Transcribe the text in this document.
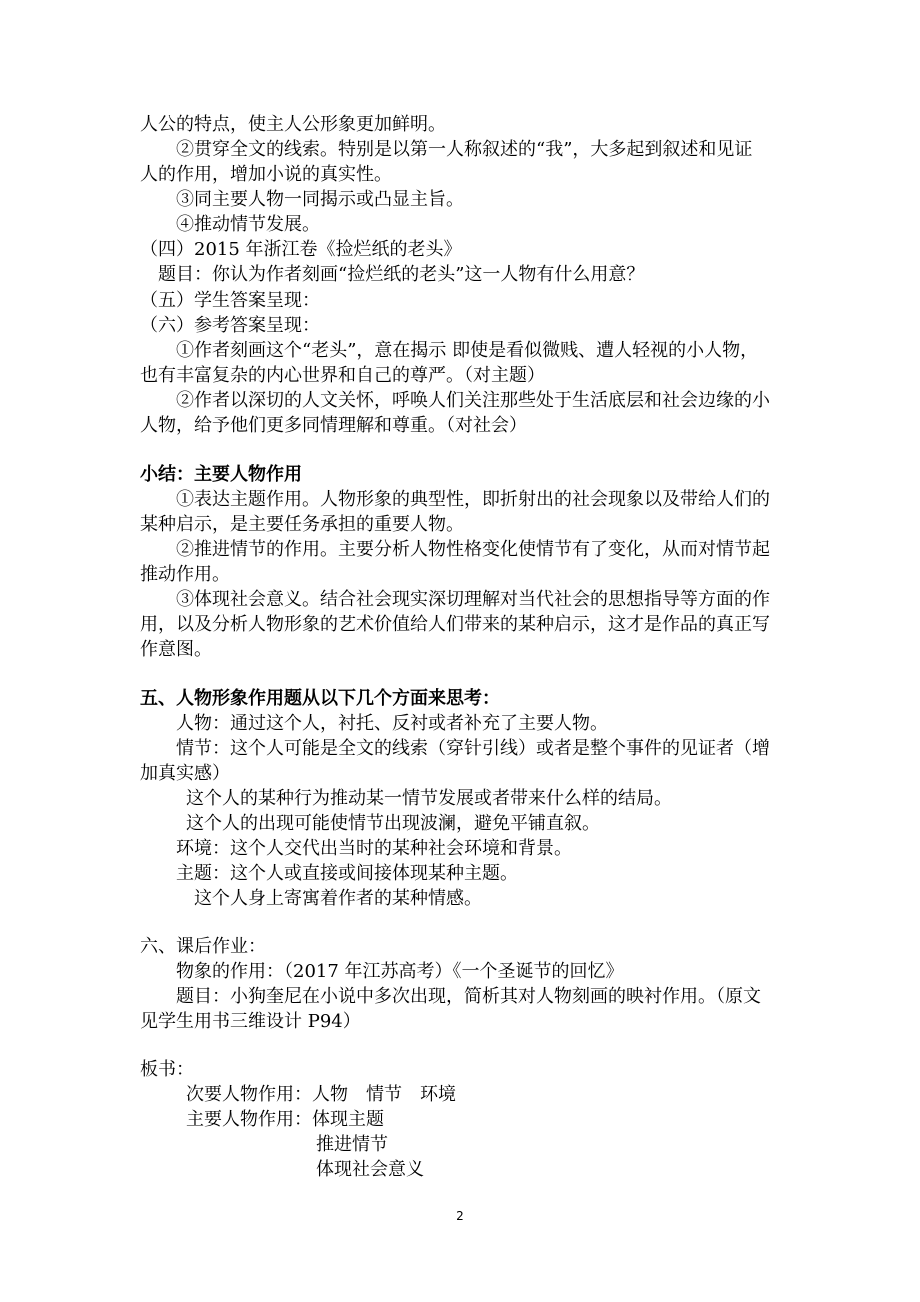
人公的特点，使主人公形象更加鲜明。
②贯穿全文的线索。特别是以第一人称叙述的“我”，大多起到叙述和见证
人的作用，增加小说的真实性。
③同主要人物一同揭示或凸显主旨。
④推动情节发展。
（四）2015 年浙江卷《捡烂纸的老头》
题目：你认为作者刻画“捡烂纸的老头”这一人物有什么用意？
（五）学生答案呈现：
（六）参考答案呈现：
①作者刻画这个“老头”，意在揭示 即使是看似微贱、遭人轻视的小人物，
也有丰富复杂的内心世界和自己的尊严。（对主题）
②作者以深切的人文关怀，呼唤人们关注那些处于生活底层和社会边缘的小
人物，给予他们更多同情理解和尊重。（对社会）
小结：主要人物作用
①表达主题作用。人物形象的典型性，即折射出的社会现象以及带给人们的
某种启示，是主要任务承担的重要人物。
②推进情节的作用。主要分析人物性格变化使情节有了变化，从而对情节起
推动作用。
③体现社会意义。结合社会现实深切理解对当代社会的思想指导等方面的作
用，以及分析人物形象的艺术价值给人们带来的某种启示，这才是作品的真正写
作意图。
五、人物形象作用题从以下几个方面来思考：
人物：通过这个人，衬托、反衬或者补充了主要人物。
情节：这个人可能是全文的线索（穿针引线）或者是整个事件的见证者（增
加真实感）
这个人的某种行为推动某一情节发展或者带来什么样的结局。
这个人的出现可能使情节出现波澜，避免平铺直叙。
环境：这个人交代出当时的某种社会环境和背景。
主题：这个人或直接或间接体现某种主题。
这个人身上寄寓着作者的某种情感。
六、课后作业：
物象的作用：（2017 年江苏高考）《一个圣诞节的回忆》
题目：小狗奎尼在小说中多次出现，简析其对人物刻画的映衬作用。（原文
见学生用书三维设计 P94）
板书：
次要人物作用：人物　情节　环境
主要人物作用：体现主题
推进情节
体现社会意义
2
